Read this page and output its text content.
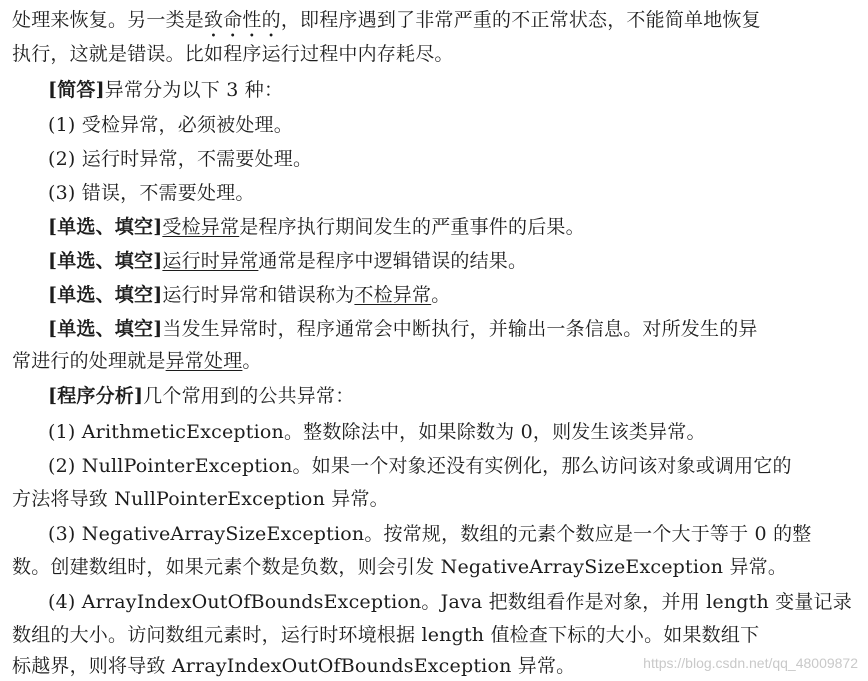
处理来恢复。另一类是致命性的，即程序遇到了非常严重的不正常状态，不能简单地恢复
执行，这就是错误。比如程序运行过程中内存耗尽。
[简答]异常分为以下 3 种：
(1) 受检异常，必须被处理。
(2) 运行时异常，不需要处理。
(3) 错误，不需要处理。
[单选、填空]受检异常是程序执行期间发生的严重事件的后果。
[单选、填空]运行时异常通常是程序中逻辑错误的结果。
[单选、填空]运行时异常和错误称为不检异常。
[单选、填空]当发生异常时，程序通常会中断执行，并输出一条信息。对所发生的异
常进行的处理就是异常处理。
[程序分析]几个常用到的公共异常：
(1) ArithmeticException。整数除法中，如果除数为 0，则发生该类异常。
(2) NullPointerException。如果一个对象还没有实例化，那么访问该对象或调用它的
方法将导致 NullPointerException 异常。
(3) NegativeArraySizeException。按常规，数组的元素个数应是一个大于等于 0 的整
数。创建数组时，如果元素个数是负数，则会引发 NegativeArraySizeException 异常。
(4) ArrayIndexOutOfBoundsException。Java 把数组看作是对象，并用 length 变量记录
数组的大小。访问数组元素时，运行时环境根据 length 值检查下标的大小。如果数组下
标越界，则将导致 ArrayIndexOutOfBoundsException 异常。	https://blog.csdn.net/qq_48009872
